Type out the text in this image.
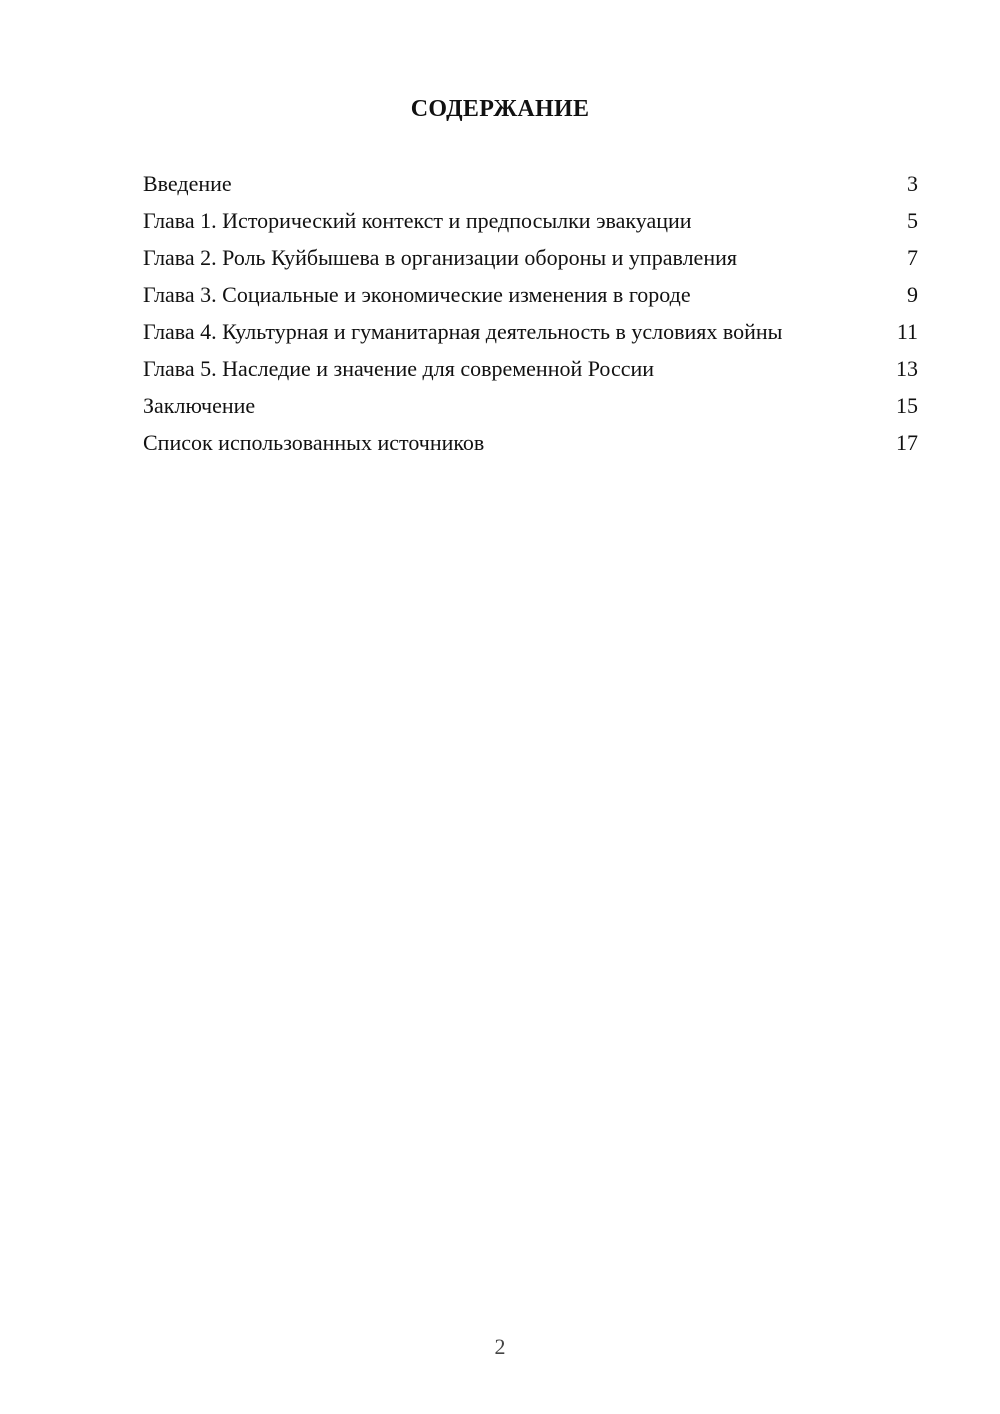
СОДЕРЖАНИЕ
Введение	3
Глава 1. Исторический контекст и предпосылки эвакуации	5
Глава 2. Роль Куйбышева в организации обороны и управления	7
Глава 3. Социальные и экономические изменения в городе	9
Глава 4. Культурная и гуманитарная деятельность в условиях войны	11
Глава 5. Наследие и значение для современной России	13
Заключение	15
Список использованных источников	17
2
